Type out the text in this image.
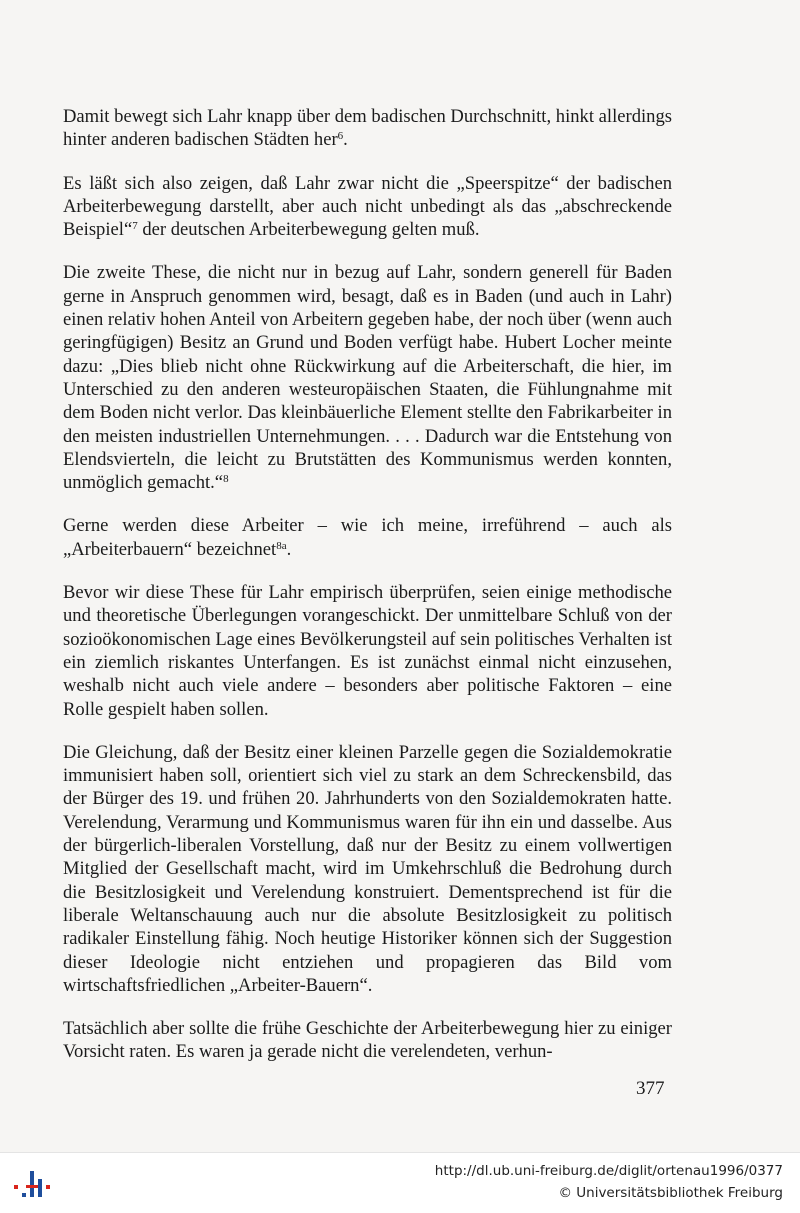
Damit bewegt sich Lahr knapp über dem badischen Durchschnitt, hinkt allerdings hinter anderen badischen Städten her$^6$.

Es läßt sich also zeigen, daß Lahr zwar nicht die „Speerspitze“ der badischen Arbeiterbewegung darstellt, aber auch nicht unbedingt als das „abschreckende Beispiel“$^7$ der deutschen Arbeiterbewegung gelten muß.

Die zweite These, die nicht nur in bezug auf Lahr, sondern generell für Baden gerne in Anspruch genommen wird, besagt, daß es in Baden (und auch in Lahr) einen relativ hohen Anteil von Arbeitern gegeben habe, der noch über (wenn auch geringfügigen) Besitz an Grund und Boden verfügt habe. Hubert Locher meinte dazu: „Dies blieb nicht ohne Rückwirkung auf die Arbeiterschaft, die hier, im Unterschied zu den anderen westeuropäischen Staaten, die Fühlungnahme mit dem Boden nicht verlor. Das kleinbäuerliche Element stellte den Fabrikarbeiter in den meisten industriellen Unternehmungen. . . . Dadurch war die Entstehung von Elendsvierteln, die leicht zu Brutstätten des Kommunismus werden konnten, unmöglich gemacht.“$^8$

Gerne werden diese Arbeiter – wie ich meine, irreführend – auch als „Arbeiterbauern“ bezeichnet$^{8a}$.

Bevor wir diese These für Lahr empirisch überprüfen, seien einige methodische und theoretische Überlegungen vorangeschickt. Der unmittelbare Schluß von der sozioökonomischen Lage eines Bevölkerungsteil auf sein politisches Verhalten ist ein ziemlich riskantes Unterfangen. Es ist zunächst einmal nicht einzusehen, weshalb nicht auch viele andere – besonders aber politische Faktoren – eine Rolle gespielt haben sollen.

Die Gleichung, daß der Besitz einer kleinen Parzelle gegen die Sozialdemokratie immunisiert haben soll, orientiert sich viel zu stark an dem Schreckensbild, das der Bürger des 19. und frühen 20. Jahrhunderts von den Sozialdemokraten hatte. Verelendung, Verarmung und Kommunismus waren für ihn ein und dasselbe. Aus der bürgerlich-liberalen Vorstellung, daß nur der Besitz zu einem vollwertigen Mitglied der Gesellschaft macht, wird im Umkehrschluß die Bedrohung durch die Besitzlosigkeit und Verelendung konstruiert. Dementsprechend ist für die liberale Weltanschauung auch nur die absolute Besitzlosigkeit zu politisch radikaler Einstellung fähig. Noch heutige Historiker können sich der Suggestion dieser Ideologie nicht entziehen und propagieren das Bild vom wirtschaftsfriedlichen „Arbeiter-Bauern“.

Tatsächlich aber sollte die frühe Geschichte der Arbeiterbewegung hier zu einiger Vorsicht raten. Es waren ja gerade nicht die verelendeten, verhun-

377
http://dl.ub.uni-freiburg.de/diglit/ortenau1996/0377
© Universitätsbibliothek Freiburg
